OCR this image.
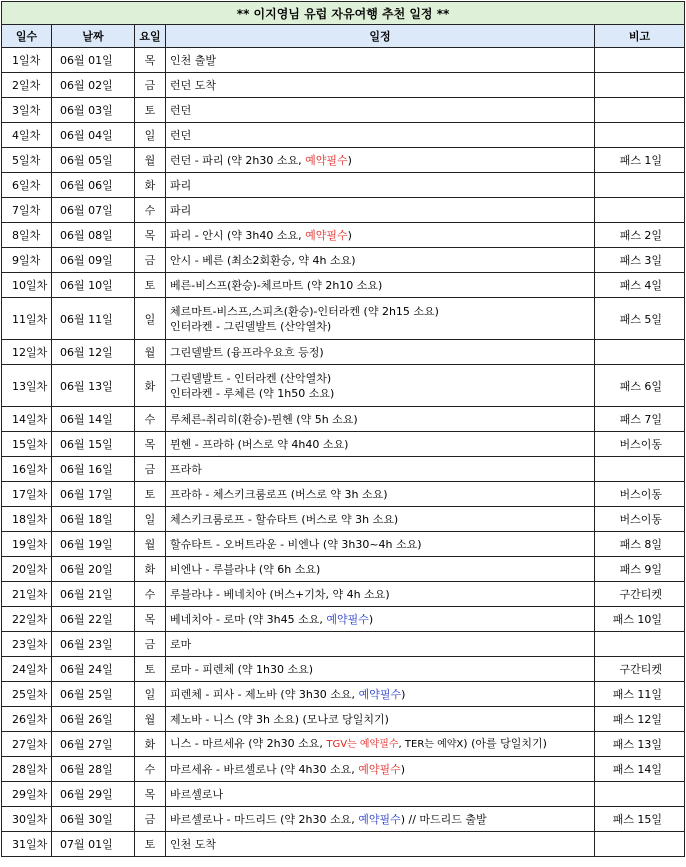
** 이지영님 유럽 자유여행 추천 일정 **				
일수	날짜	요일	일정	비고
1일차	06월 01일	목	인천 출발	

2일차	06월 02일	금	런던 도착	

3일차	06월 03일	토	런던	

4일차	06월 04일	일	런던	

5일차	06월 05일	월	런던 - 파리 (약 2h30 소요, 예약필수)	패스 1일
6일차	06월 06일	화	파리	

7일차	06월 07일	수	파리	

8일차	06월 08일	목	파리 - 안시 (약 3h40 소요, 예약필수)	패스 2일
9일차	06월 09일	금	안시 - 베른 (최소2회환승, 약 4h 소요)	패스 3일
10일차	06월 10일	토	베른-비스프(환승)-체르마트 (약 2h10 소요)	패스 4일
11일차	06월 11일	일	체르마트-비스프,스피츠(환승)-인터라켄 (약 2h15 소요)
인터라켄 - 그린델발트 (산악열차)	패스 5일
12일차	06월 12일	월	그린델발트 (융프라우요흐 등정)	

13일차	06월 13일	화	그린델발트 - 인터라켄 (산악열차)
인터라켄 - 루체른 (약 1h50 소요)	패스 6일
14일차	06월 14일	수	루체른-취리히(환승)-뮌헨 (약 5h 소요)	패스 7일
15일차	06월 15일	목	뮌헨 - 프라하 (버스로 약 4h40 소요)	버스이동
16일차	06월 16일	금	프라하	

17일차	06월 17일	토	프라하 - 체스키크룸로프 (버스로 약 3h 소요)	버스이동
18일차	06월 18일	일	체스키크룸로프 - 할슈타트 (버스로 약 3h 소요)	버스이동
19일차	06월 19일	월	할슈타트 - 오버트라운 - 비엔나 (약 3h30~4h 소요)	패스 8일
20일차	06월 20일	화	비엔나 - 루블라냐 (약 6h 소요)	패스 9일
21일차	06월 21일	수	루블라냐 - 베네치아 (버스+기차, 약 4h 소요)	구간티켓
22일차	06월 22일	목	베네치아 - 로마 (약 3h45 소요, 예약필수)	패스 10일
23일차	06월 23일	금	로마	

24일차	06월 24일	토	로마 - 피렌체 (약 1h30 소요)	구간티켓
25일차	06월 25일	일	피렌체 - 피사 - 제노바 (약 3h30 소요, 예약필수)	패스 11일
26일차	06월 26일	월	제노바 - 니스 (약 3h 소요) (모나코 당일치기)	패스 12일
27일차	06월 27일	화	니스 - 마르세유 (약 2h30 소요, TGV는 예약필수, TER는 예약X) (아를 당일치기)	패스 13일
28일차	06월 28일	수	마르세유 - 바르셀로나 (약 4h30 소요, 예약필수)	패스 14일
29일차	06월 29일	목	바르셀로나	

30일차	06월 30일	금	바르셀로나 - 마드리드 (약 2h30 소요, 예약필수) // 마드리드 출발	패스 15일
31일차	07월 01일	토	인천 도착	
